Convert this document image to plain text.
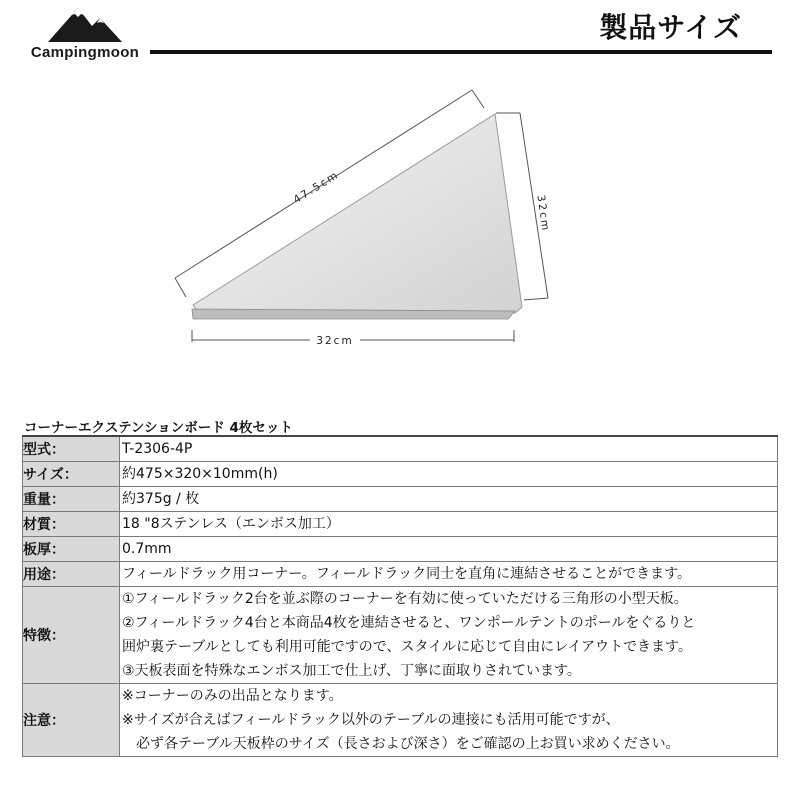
Campingmoon
製品サイズ
47.5cm
32cm
32cm
コーナーエクステンションボード 4枚セット
型式：	T-2306-4P

サイズ：	約475×320×10mm(h)

重量：	約375g / 枚

材質：	18 "8ステンレス（エンボス加工）

板厚：	0.7mm

用途：	フィールドラック用コーナー。フィールドラック同士を直角に連結させることができます。

特徴：	①フィールドラック2台を並ぶ際のコーナーを有効に使っていただける三角形の小型天板。
②フィールドラック4台と本商品4枚を連結させると、ワンポールテントのポールをぐるりと
囲炉裏テーブルとしても利用可能ですので、スタイルに応じて自由にレイアウトできます。
③天板表面を特殊なエンボス加工で仕上げ、丁寧に面取りされています。

注意：	※コーナーのみの出品となります。
※サイズが合えばフィールドラック以外のテーブルの連接にも活用可能ですが、
　必ず各テーブル天板枠のサイズ（長さおよび深さ）をご確認の上お買い求めください。
